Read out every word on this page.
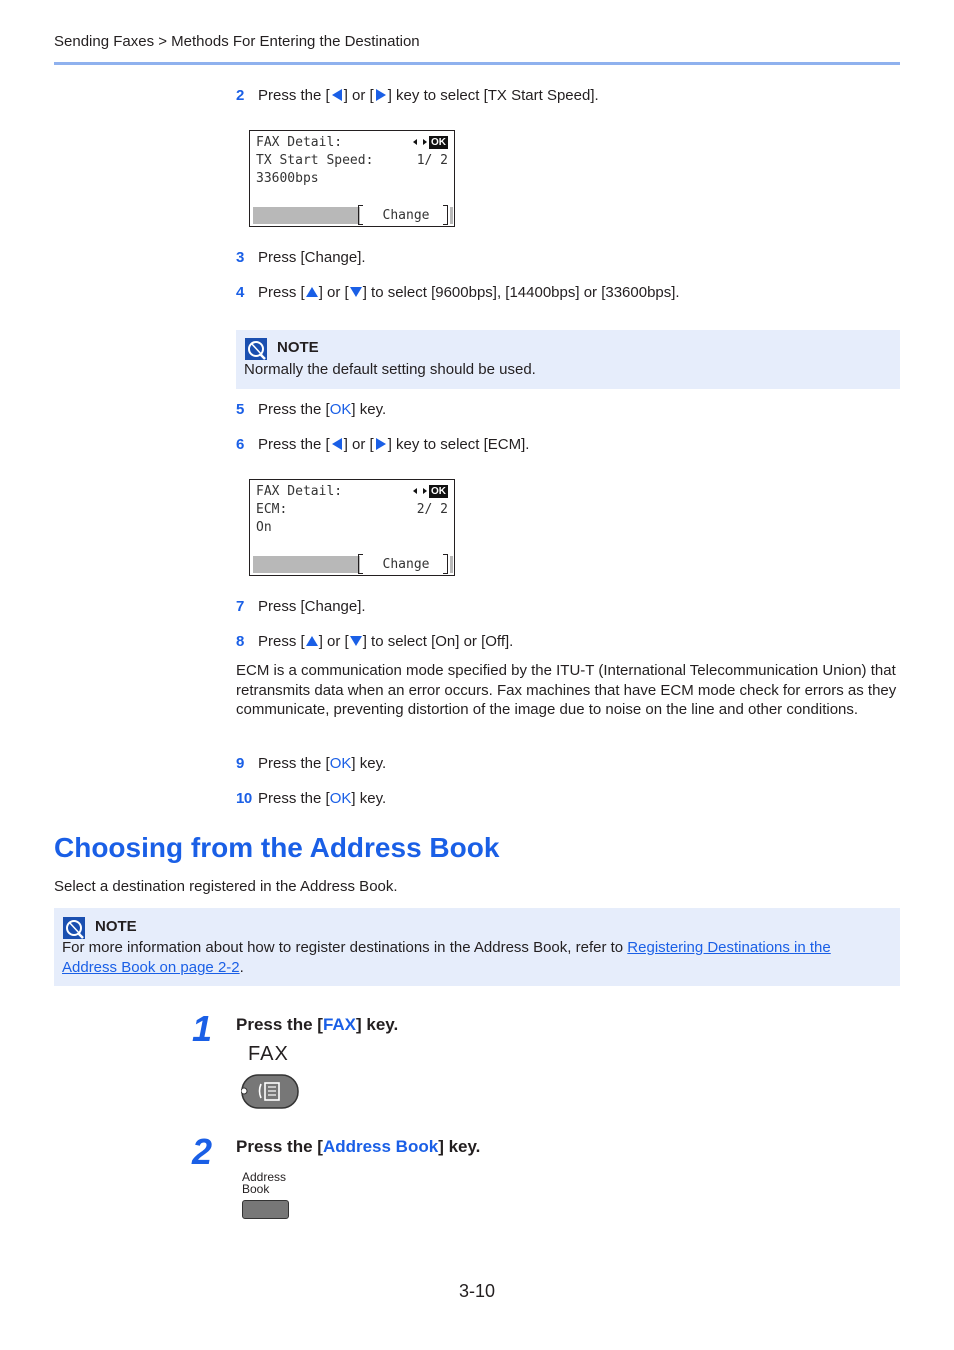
Sending Faxes > Methods For Entering the Destination
2 Press the [ ] or [ ] key to select [TX Start Speed].
FAX Detail:	OK
TX Start Speed:	1/ 2
33600bps
Change
3 Press [Change].
4 Press [ ] or [ ] to select [9600bps], [14400bps] or [33600bps].
NOTE
Normally the default setting should be used.
5 Press the [OK] key.
6 Press the [ ] or [ ] key to select [ECM].
FAX Detail:	OK
ECM:	2/ 2
On
Change
7 Press [Change].
8 Press [ ] or [ ] to select [On] or [Off].
ECM is a communication mode specified by the ITU-T (International Telecommunication Union) that retransmits data when an error occurs. Fax machines that have ECM mode check for errors as they communicate, preventing distortion of the image due to noise on the line and other conditions.
9 Press the [OK] key.
10 Press the [OK] key.
Choosing from the Address Book
Select a destination registered in the Address Book.
NOTE
For more information about how to register destinations in the Address Book, refer to Registering Destinations in the
Address Book on page 2-2.
1 Press the [FAX] key.
FAX
2 Press the [Address Book] key.
Address
Book
3-10
